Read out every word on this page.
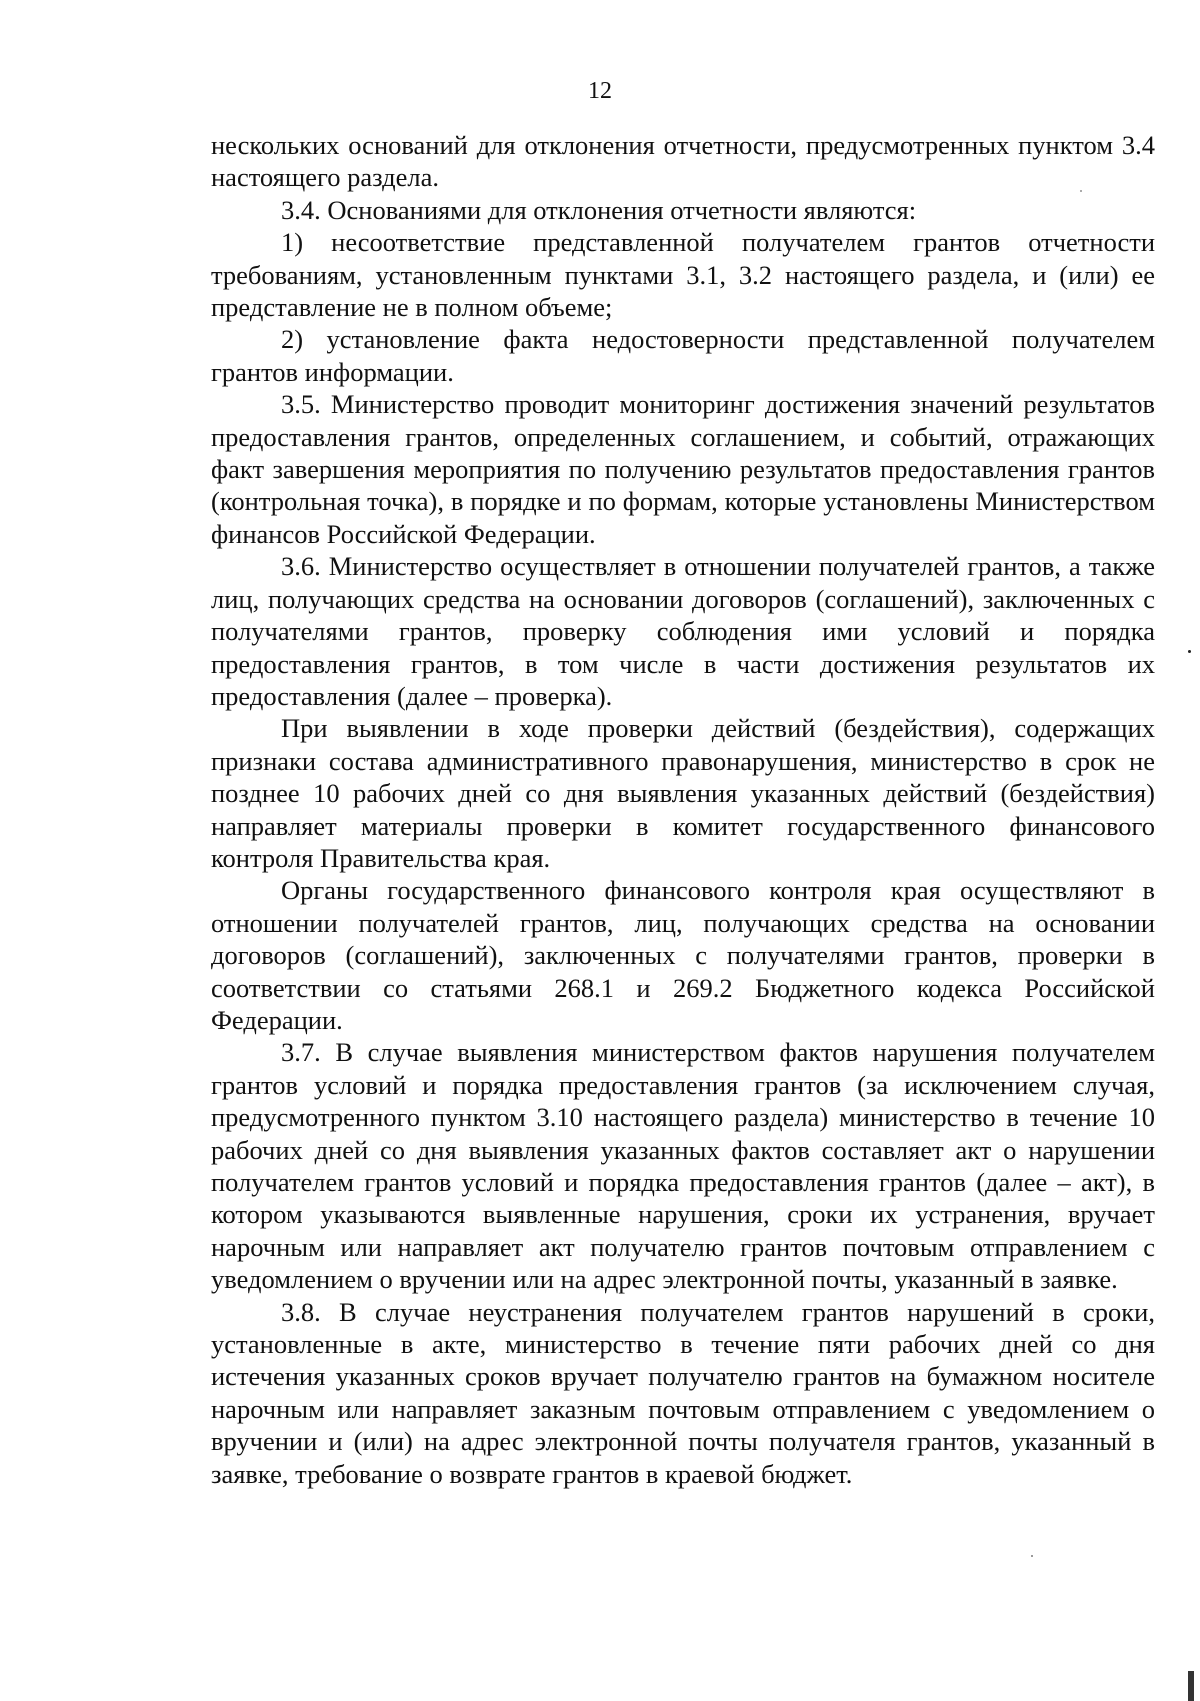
12

нескольких оснований для отклонения отчетности, предусмотренных пунктом 3.4 настоящего раздела.

3.4. Основаниями для отклонения отчетности являются:

1) несоответствие представленной получателем грантов отчетности требованиям, установленным пунктами 3.1, 3.2 настоящего раздела, и (или) ее представление не в полном объеме;

2) установление факта недостоверности представленной получателем грантов информации.

3.5. Министерство проводит мониторинг достижения значений результатов предоставления грантов, определенных соглашением, и событий, отражающих факт завершения мероприятия по получению результатов предоставления грантов (контрольная точка), в порядке и по формам, которые установлены Министерством финансов Российской Федерации.

3.6. Министерство осуществляет в отношении получателей грантов, а также лиц, получающих средства на основании договоров (соглашений), заключенных с получателями грантов, проверку соблюдения ими условий и порядка предоставления грантов, в том числе в части достижения результатов их предоставления (далее – проверка).

При выявлении в ходе проверки действий (бездействия), содержащих признаки состава административного правонарушения, министерство в срок не позднее 10 рабочих дней со дня выявления указанных действий (бездействия) направляет материалы проверки в комитет государственного финансового контроля Правительства края.

Органы государственного финансового контроля края осуществляют в отношении получателей грантов, лиц, получающих средства на основании договоров (соглашений), заключенных с получателями грантов, проверки в соответствии со статьями 268.1 и 269.2 Бюджетного кодекса Российской Федерации.

3.7. В случае выявления министерством фактов нарушения получателем грантов условий и порядка предоставления грантов (за исключением случая, предусмотренного пунктом 3.10 настоящего раздела) министерство в течение 10 рабочих дней со дня выявления указанных фактов составляет акт о нарушении получателем грантов условий и порядка предоставления грантов (далее – акт), в котором указываются выявленные нарушения, сроки их устранения, вручает нарочным или направляет акт получателю грантов почтовым отправлением с уведомлением о вручении или на адрес электронной почты, указанный в заявке.

3.8. В случае неустранения получателем грантов нарушений в сроки, установленные в акте, министерство в течение пяти рабочих дней со дня истечения указанных сроков вручает получателю грантов на бумажном носителе нарочным или направляет заказным почтовым отправлением с уведомлением о вручении и (или) на адрес электронной почты получателя грантов, указанный в заявке, требование о возврате грантов в краевой бюджет.
